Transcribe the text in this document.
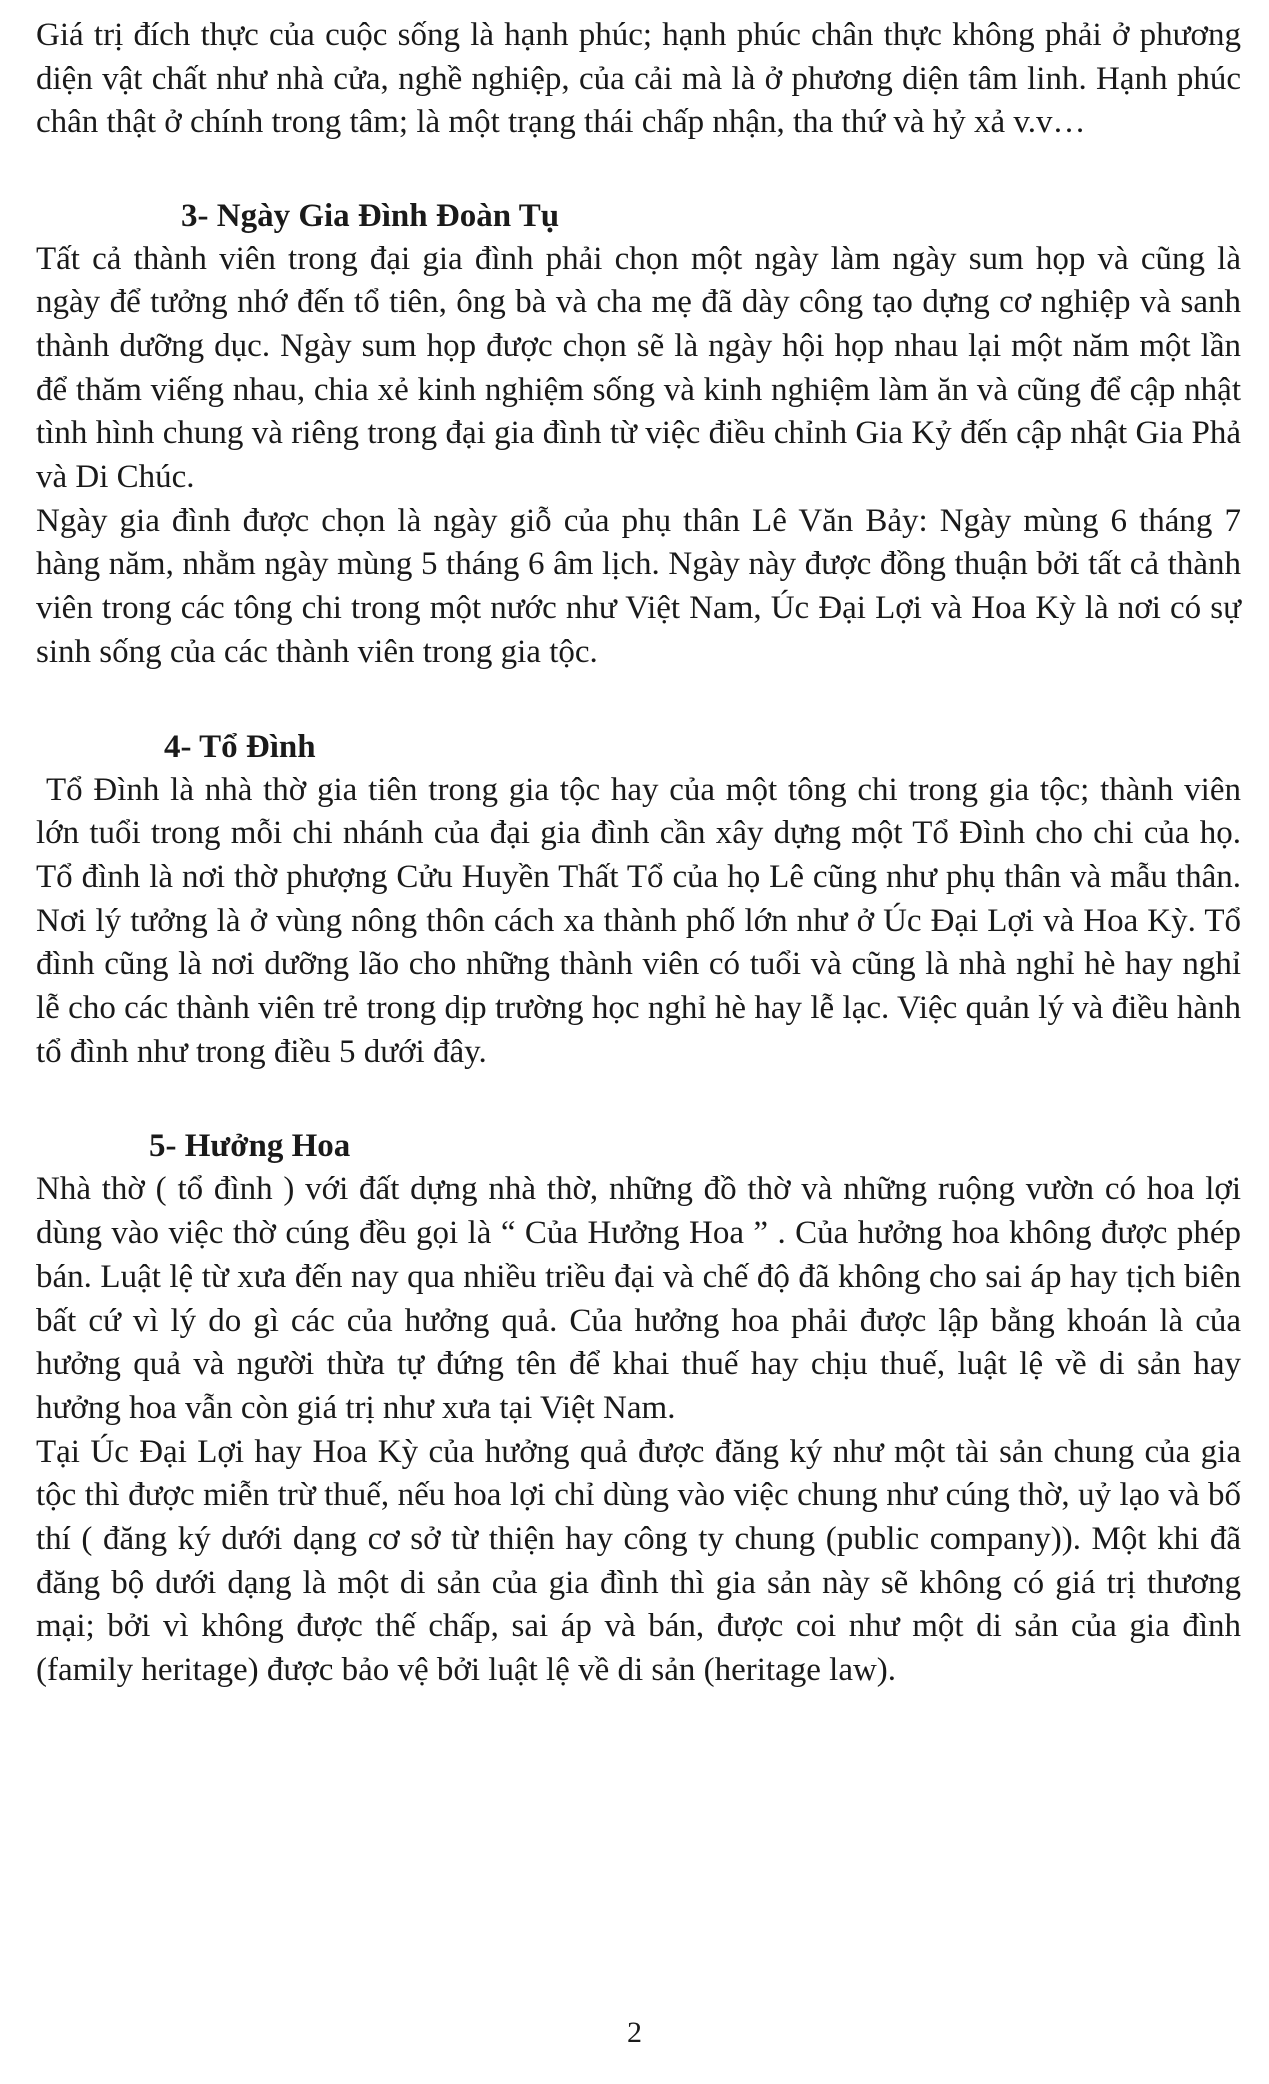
Giá trị đích thực của cuộc sống là hạnh phúc; hạnh phúc chân thực không phải ở phương diện vật chất như nhà cửa, nghề nghiệp, của cải mà là ở phương diện tâm linh. Hạnh phúc chân thật ở chính trong tâm; là một trạng thái chấp nhận, tha thứ và hỷ xả v.v…

3- Ngày Gia Đình Đoàn Tụ

Tất cả thành viên trong đại gia đình phải chọn một ngày làm ngày sum họp và cũng là ngày để tưởng nhớ đến tổ tiên, ông bà và cha mẹ đã dày công tạo dựng cơ nghiệp và sanh thành dưỡng dục. Ngày sum họp được chọn sẽ là ngày hội họp nhau lại một năm một lần để thăm viếng nhau, chia xẻ kinh nghiệm sống và kinh nghiệm làm ăn và cũng để cập nhật tình hình chung và riêng trong đại gia đình từ việc điều chỉnh Gia Kỷ đến cập nhật Gia Phả và Di Chúc.

Ngày gia đình được chọn là ngày giỗ của phụ thân Lê Văn Bảy: Ngày mùng 6 tháng 7 hàng năm, nhằm ngày mùng 5 tháng 6 âm lịch. Ngày này được đồng thuận bởi tất cả thành viên trong các tông chi trong một nước như Việt Nam, Úc Đại Lợi và Hoa Kỳ là nơi có sự sinh sống của các thành viên trong gia tộc.

4- Tổ Đình

Tổ Đình là nhà thờ gia tiên trong gia tộc hay của một tông chi trong gia tộc; thành viên lớn tuổi trong mỗi chi nhánh của đại gia đình cần xây dựng một Tổ Đình cho chi của họ. Tổ đình là nơi thờ phượng Cửu Huyền Thất Tổ của họ Lê cũng như phụ thân và mẫu thân. Nơi lý tưởng là ở vùng nông thôn cách xa thành phố lớn như ở Úc Đại Lợi và Hoa Kỳ. Tổ đình cũng là nơi dưỡng lão cho những thành viên có tuổi và cũng là nhà nghỉ hè hay nghỉ lễ cho các thành viên trẻ trong dịp trường học nghỉ hè hay lễ lạc. Việc quản lý và điều hành tổ đình như trong điều 5 dưới đây.

5- Hưởng Hoa

Nhà thờ ( tổ đình ) với đất dựng nhà thờ, những đồ thờ và những ruộng vườn có hoa lợi dùng vào việc thờ cúng đều gọi là “ Của Hưởng Hoa ” . Của hưởng hoa không được phép bán. Luật lệ từ xưa đến nay qua nhiều triều đại và chế độ đã không cho sai áp hay tịch biên bất cứ vì lý do gì các của hưởng quả. Của hưởng hoa phải được lập bằng khoán là của hưởng quả và người thừa tự đứng tên để khai thuế hay chịu thuế, luật lệ về di sản hay hưởng hoa vẫn còn giá trị như xưa tại Việt Nam.

Tại Úc Đại Lợi hay Hoa Kỳ của hưởng quả được đăng ký như một tài sản chung của gia tộc thì được miễn trừ thuế, nếu hoa lợi chỉ dùng vào việc chung như cúng thờ, uỷ lạo và bố thí ( đăng ký dưới dạng cơ sở từ thiện hay công ty chung (public company)). Một khi đã đăng bộ dưới dạng là một di sản của gia đình thì gia sản này sẽ không có giá trị thương mại; bởi vì không được thế chấp, sai áp và bán, được coi như một di sản của gia đình (family heritage) được bảo vệ bởi luật lệ về di sản (heritage law).

2
